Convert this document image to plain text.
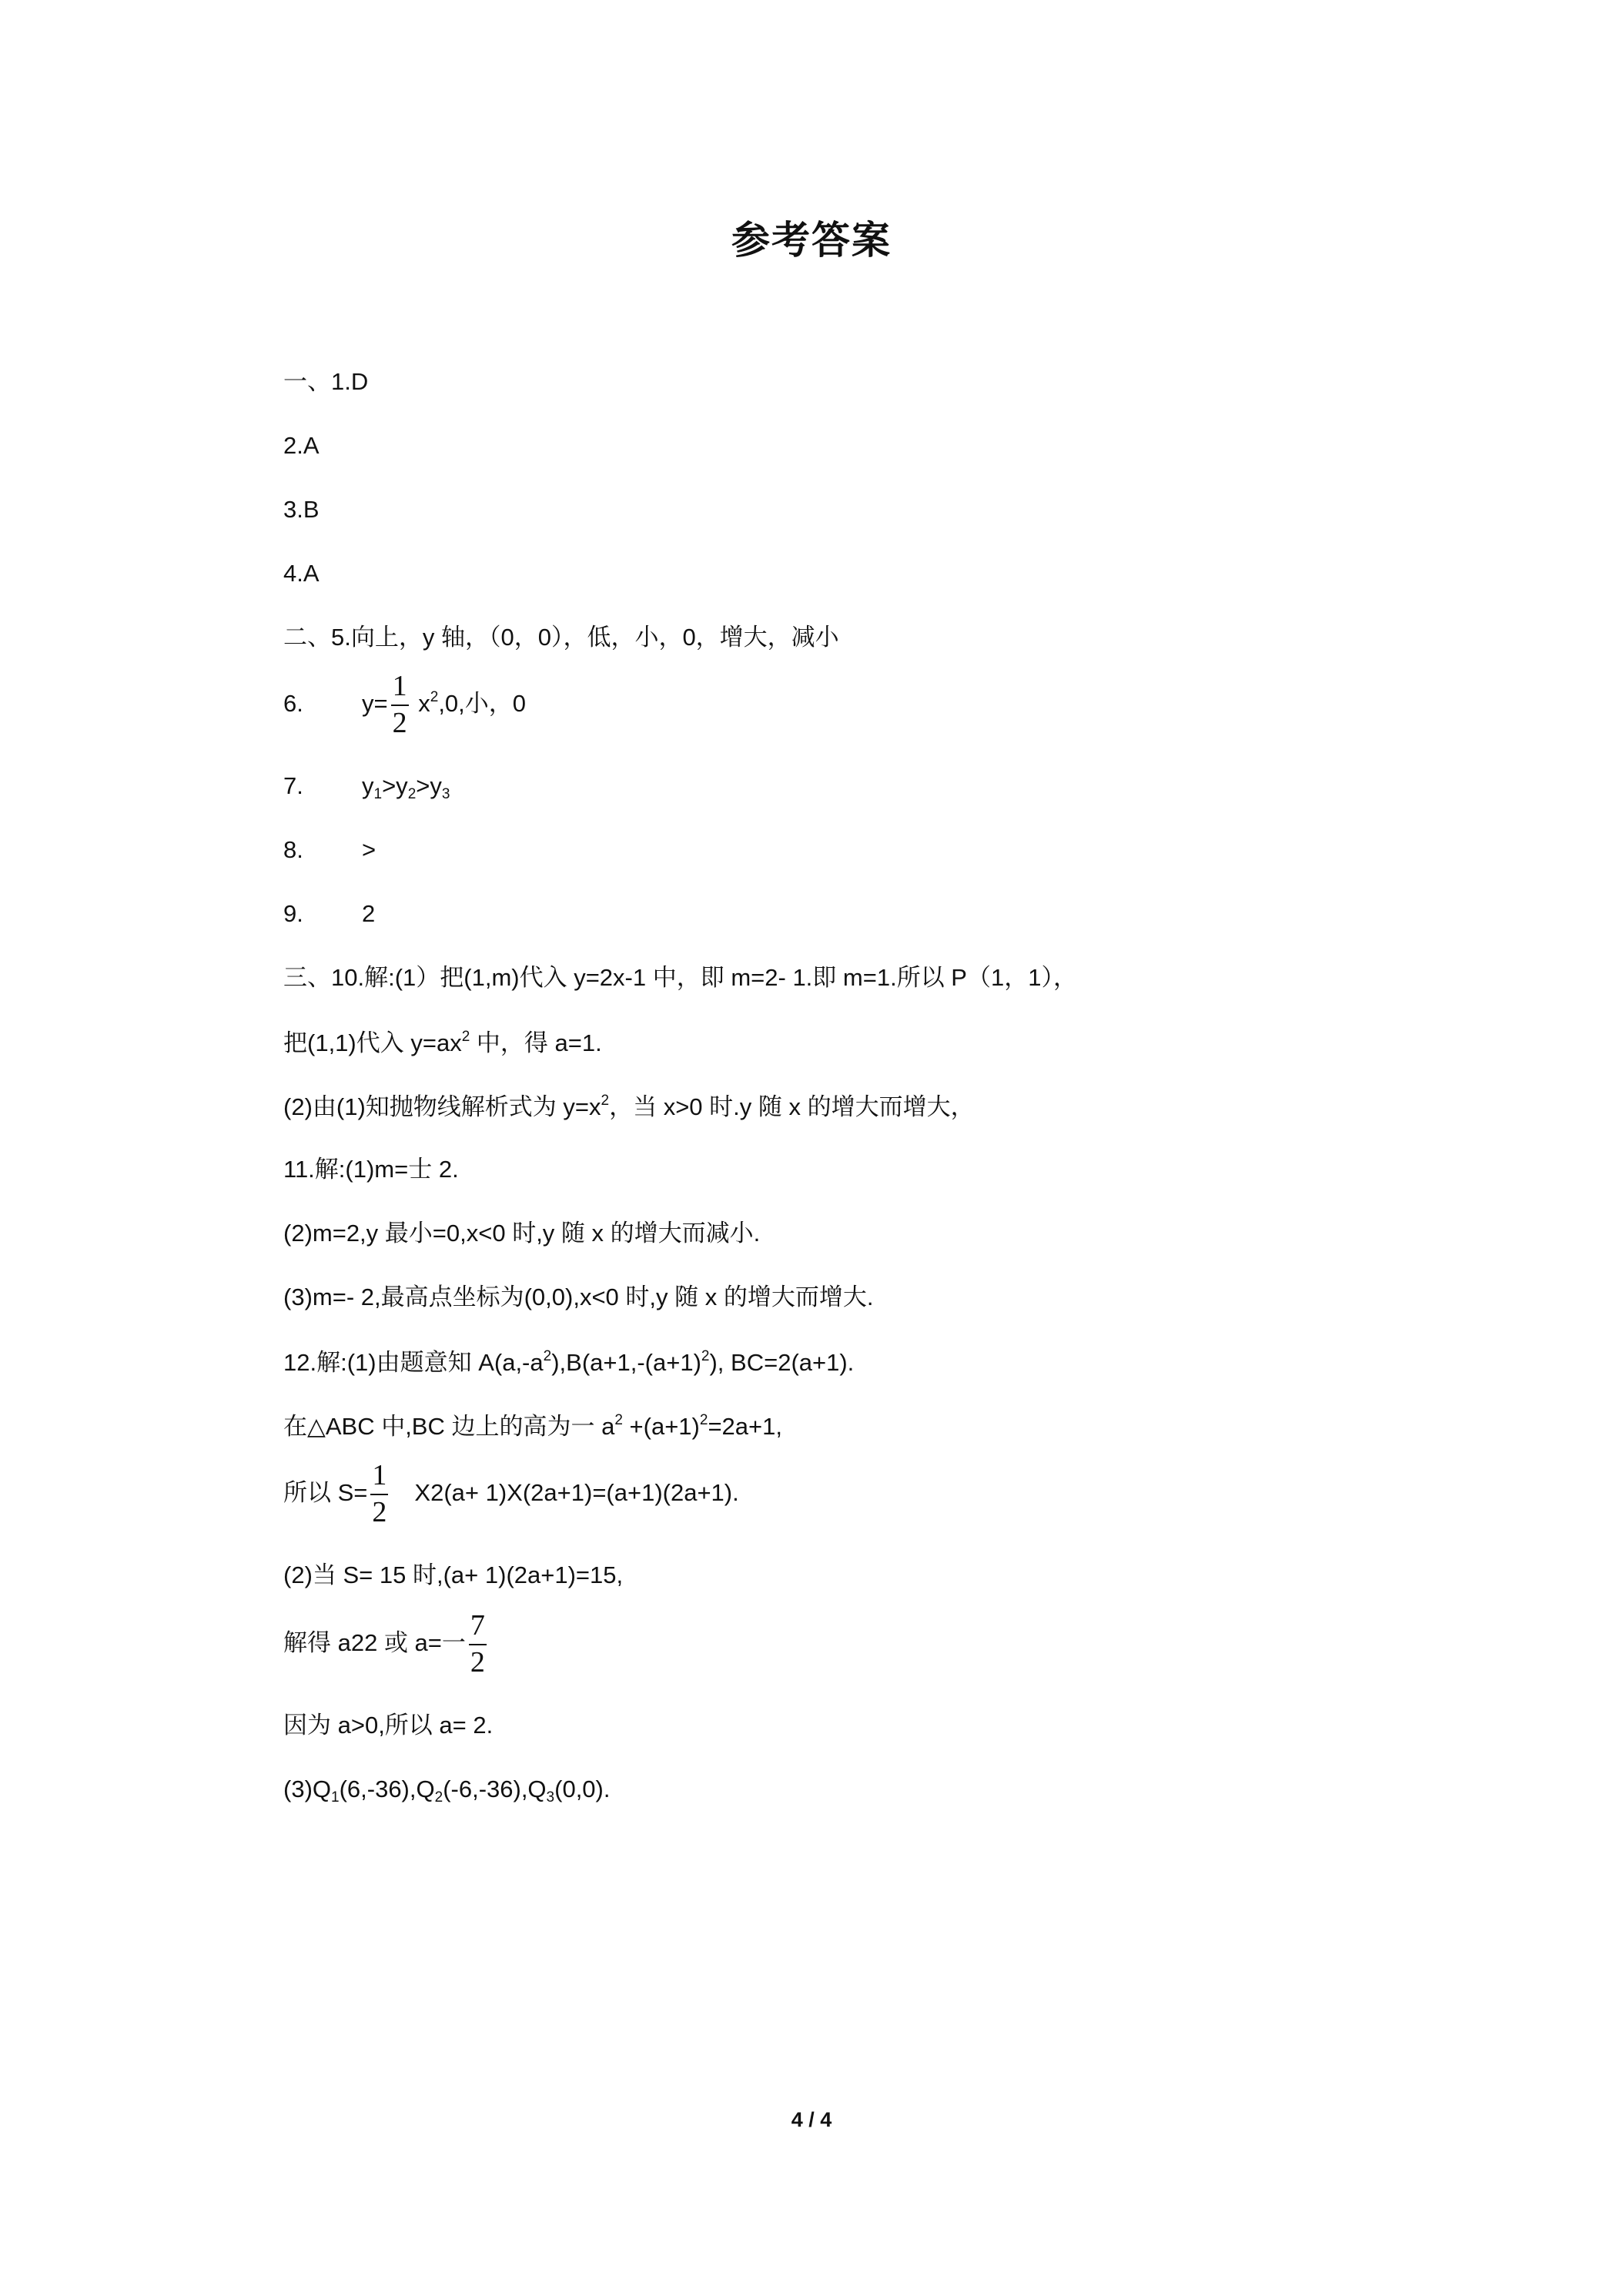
参考答案
一、1.D
2.A
3.B
4.A
二、5.向上，y 轴，（0，0），低，小，0，增大，减小
6. $y= \frac{1}{2} x^2,0$,小，0
7. $y_1>y_2>y_3$
8. >
9. 2
三、10.解:(1）把(1,m)代入 y=2x-1 中，即 m=2- 1.即 m=1.所以 P（1，1），
把(1,1)代入 $y=ax^2$ 中，得 a=1.
(2)由(1)知抛物线解析式为 $y=x^2$，当 x>0 时.y 随 x 的增大而增大，
11.解:(1)m=士 2.
(2)m=2,y 最小=0,x<0 时,y 随 x 的增大而减小.
(3)m=- 2,最高点坐标为(0,0),x<0 时,y 随 x 的增大而增大.
12.解:(1)由题意知 $A(a,-a^2),B(a+1,-(a+1)^2)$, BC=2(a+1).
在△ABC 中,BC 边上的高为一 $a^2 +(a+1)^2=2a+1$,
所以 $S= \frac{1}{2} X2(a+ 1)X(2a+1)=(a+1)(2a+1)$.
(2)当 S= 15 时,(a+ 1)(2a+1)=15,
解得 a22 或 a=一 $\frac{7}{2}$
因为 a>0,所以 a= 2.
$(3)Q_1(6,-36),Q_2(-6,-36),Q_3(0,0)$.
4 / 4
